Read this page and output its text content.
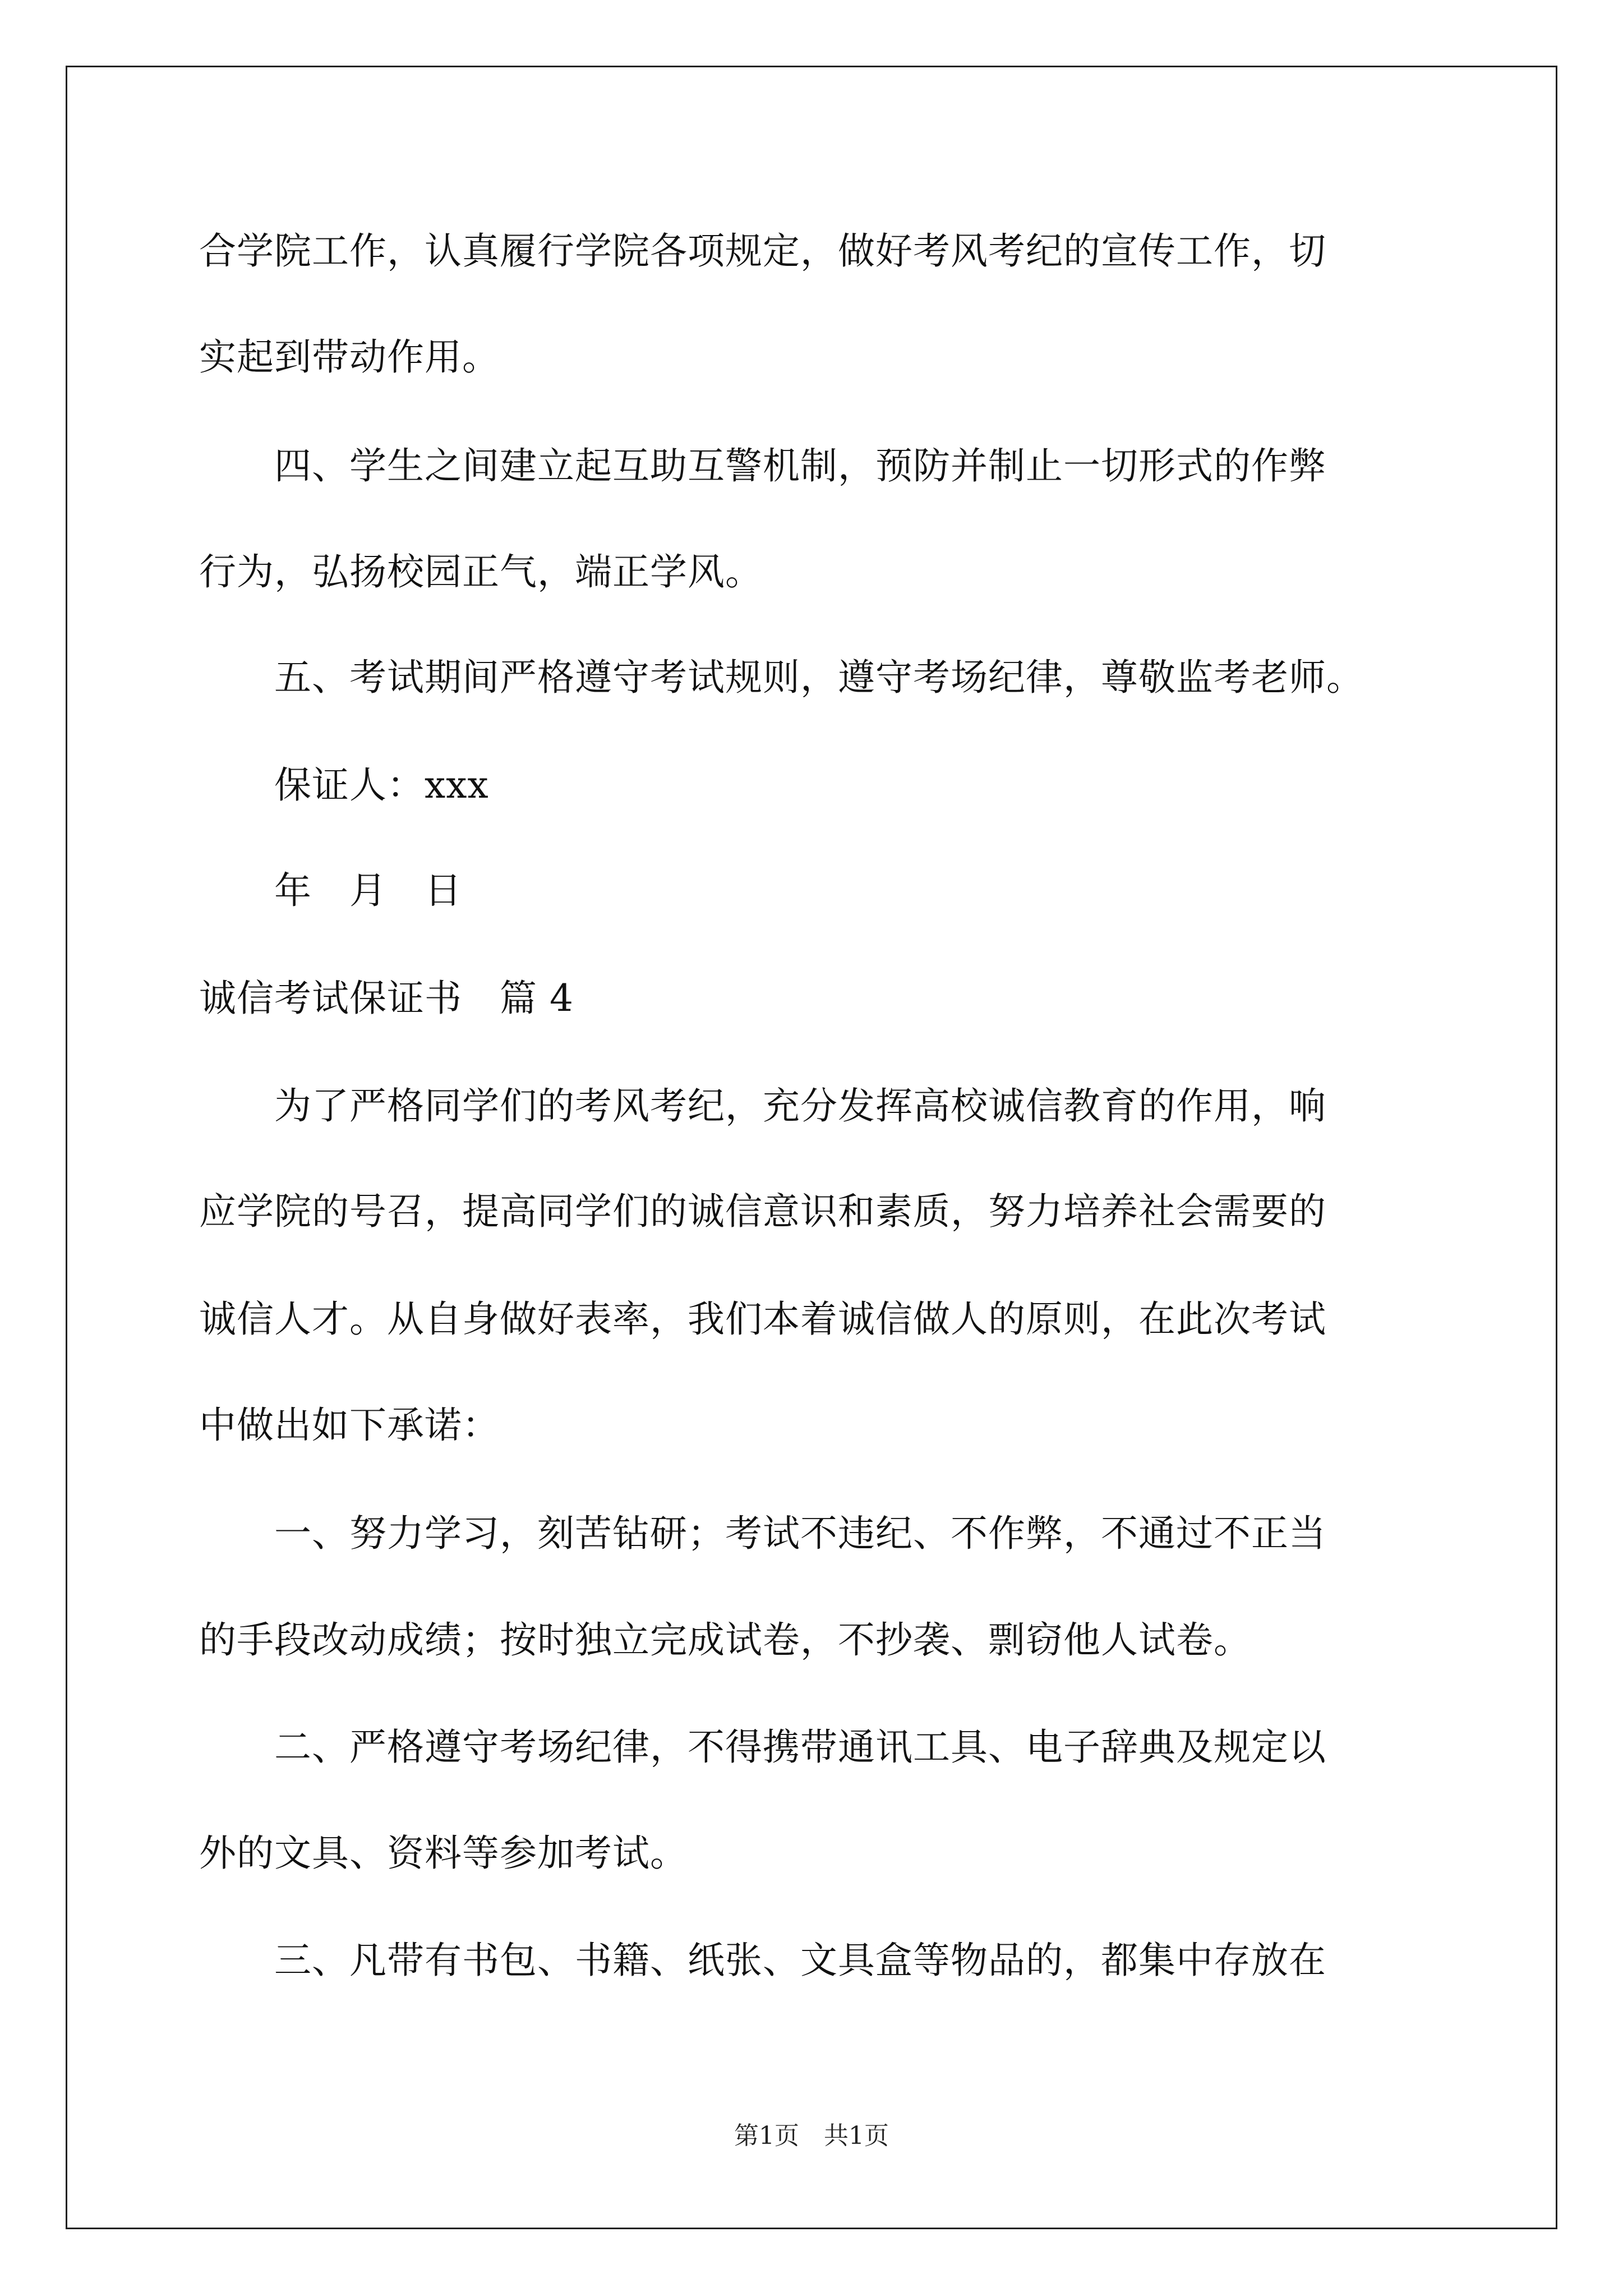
合学院工作，认真履行学院各项规定，做好考风考纪的宣传工作，切
实起到带动作用。
　　四、学生之间建立起互助互警机制，预防并制止一切形式的作弊
行为，弘扬校园正气，端正学风。
　　五、考试期间严格遵守考试规则，遵守考场纪律，尊敬监考老师。
　　保证人：xxx
　　年　月　日
诚信考试保证书　篇 4
　　为了严格同学们的考风考纪，充分发挥高校诚信教育的作用，响
应学院的号召，提高同学们的诚信意识和素质，努力培养社会需要的
诚信人才。从自身做好表率，我们本着诚信做人的原则，在此次考试
中做出如下承诺：
　　一、努力学习，刻苦钻研；考试不违纪、不作弊，不通过不正当
的手段改动成绩；按时独立完成试卷，不抄袭、剽窃他人试卷。
　　二、严格遵守考场纪律，不得携带通讯工具、电子辞典及规定以
外的文具、资料等参加考试。
　　三、凡带有书包、书籍、纸张、文具盒等物品的，都集中存放在
第1页　共1页
